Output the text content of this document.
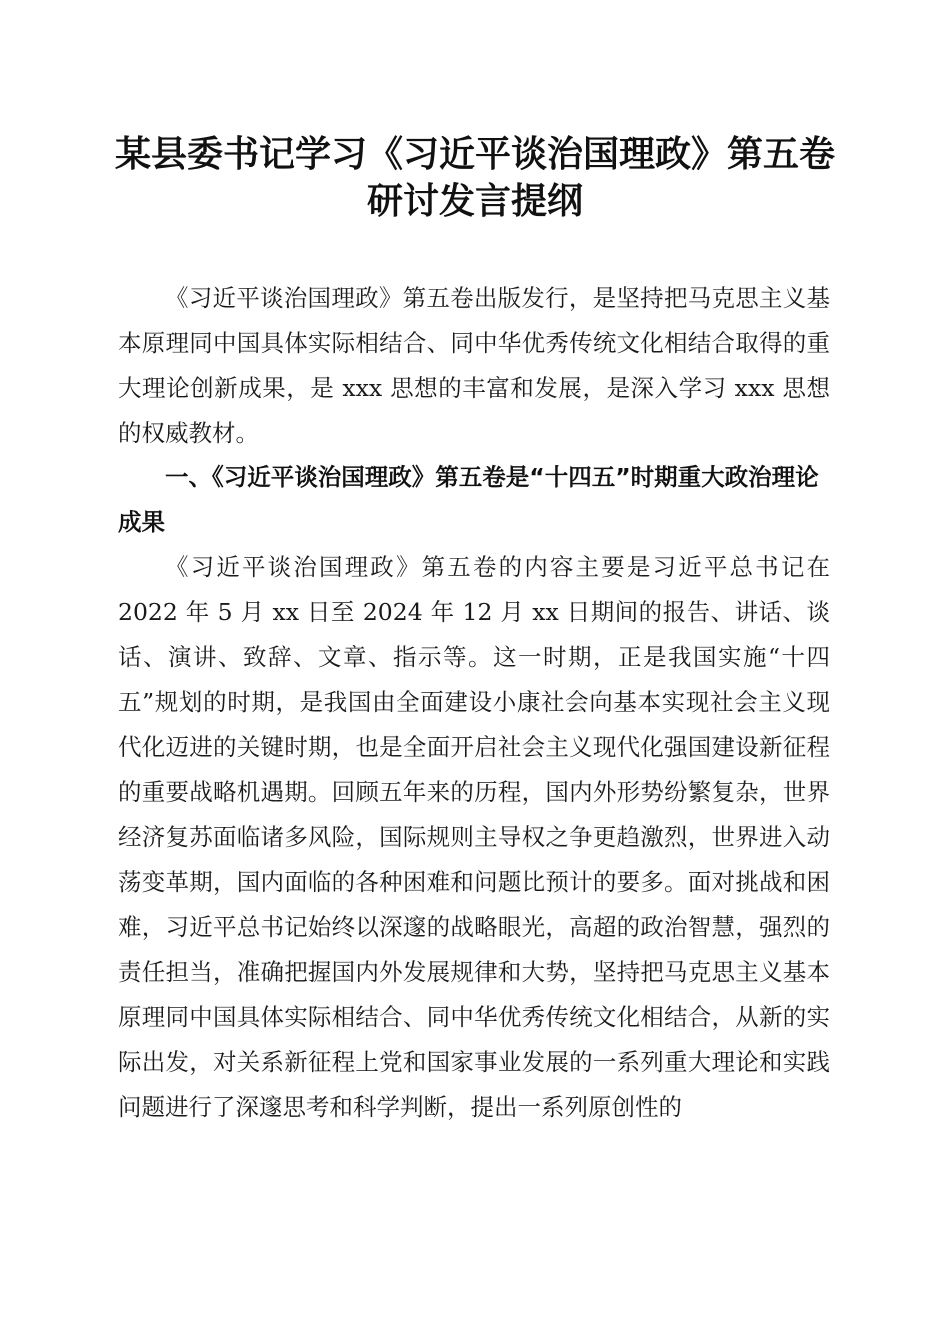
某县委书记学习《习近平谈治国理政》第五卷
研讨发言提纲

《习近平谈治国理政》第五卷出版发行，是坚持把马克思主义基本原理同中国具体实际相结合、同中华优秀传统文化相结合取得的重大理论创新成果，是 xxx 思想的丰富和发展，是深入学习 xxx 思想的权威教材。

一、《习近平谈治国理政》第五卷是“十四五”时期重大政治理论成果

《习近平谈治国理政》第五卷的内容主要是习近平总书记在 2022 年 5 月 xx 日至 2024 年 12 月 xx 日期间的报告、讲话、谈话、演讲、致辞、文章、指示等。这一时期，正是我国实施“十四五”规划的时期，是我国由全面建设小康社会向基本实现社会主义现代化迈进的关键时期，也是全面开启社会主义现代化强国建设新征程的重要战略机遇期。回顾五年来的历程，国内外形势纷繁复杂，世界经济复苏面临诸多风险，国际规则主导权之争更趋激烈，世界进入动荡变革期，国内面临的各种困难和问题比预计的要多。面对挑战和困难，习近平总书记始终以深邃的战略眼光，高超的政治智慧，强烈的责任担当，准确把握国内外发展规律和大势，坚持把马克思主义基本原理同中国具体实际相结合、同中华优秀传统文化相结合，从新的实际出发，对关系新征程上党和国家事业发展的一系列重大理论和实践问题进行了深邃思考和科学判断，提出一系列原创性的
